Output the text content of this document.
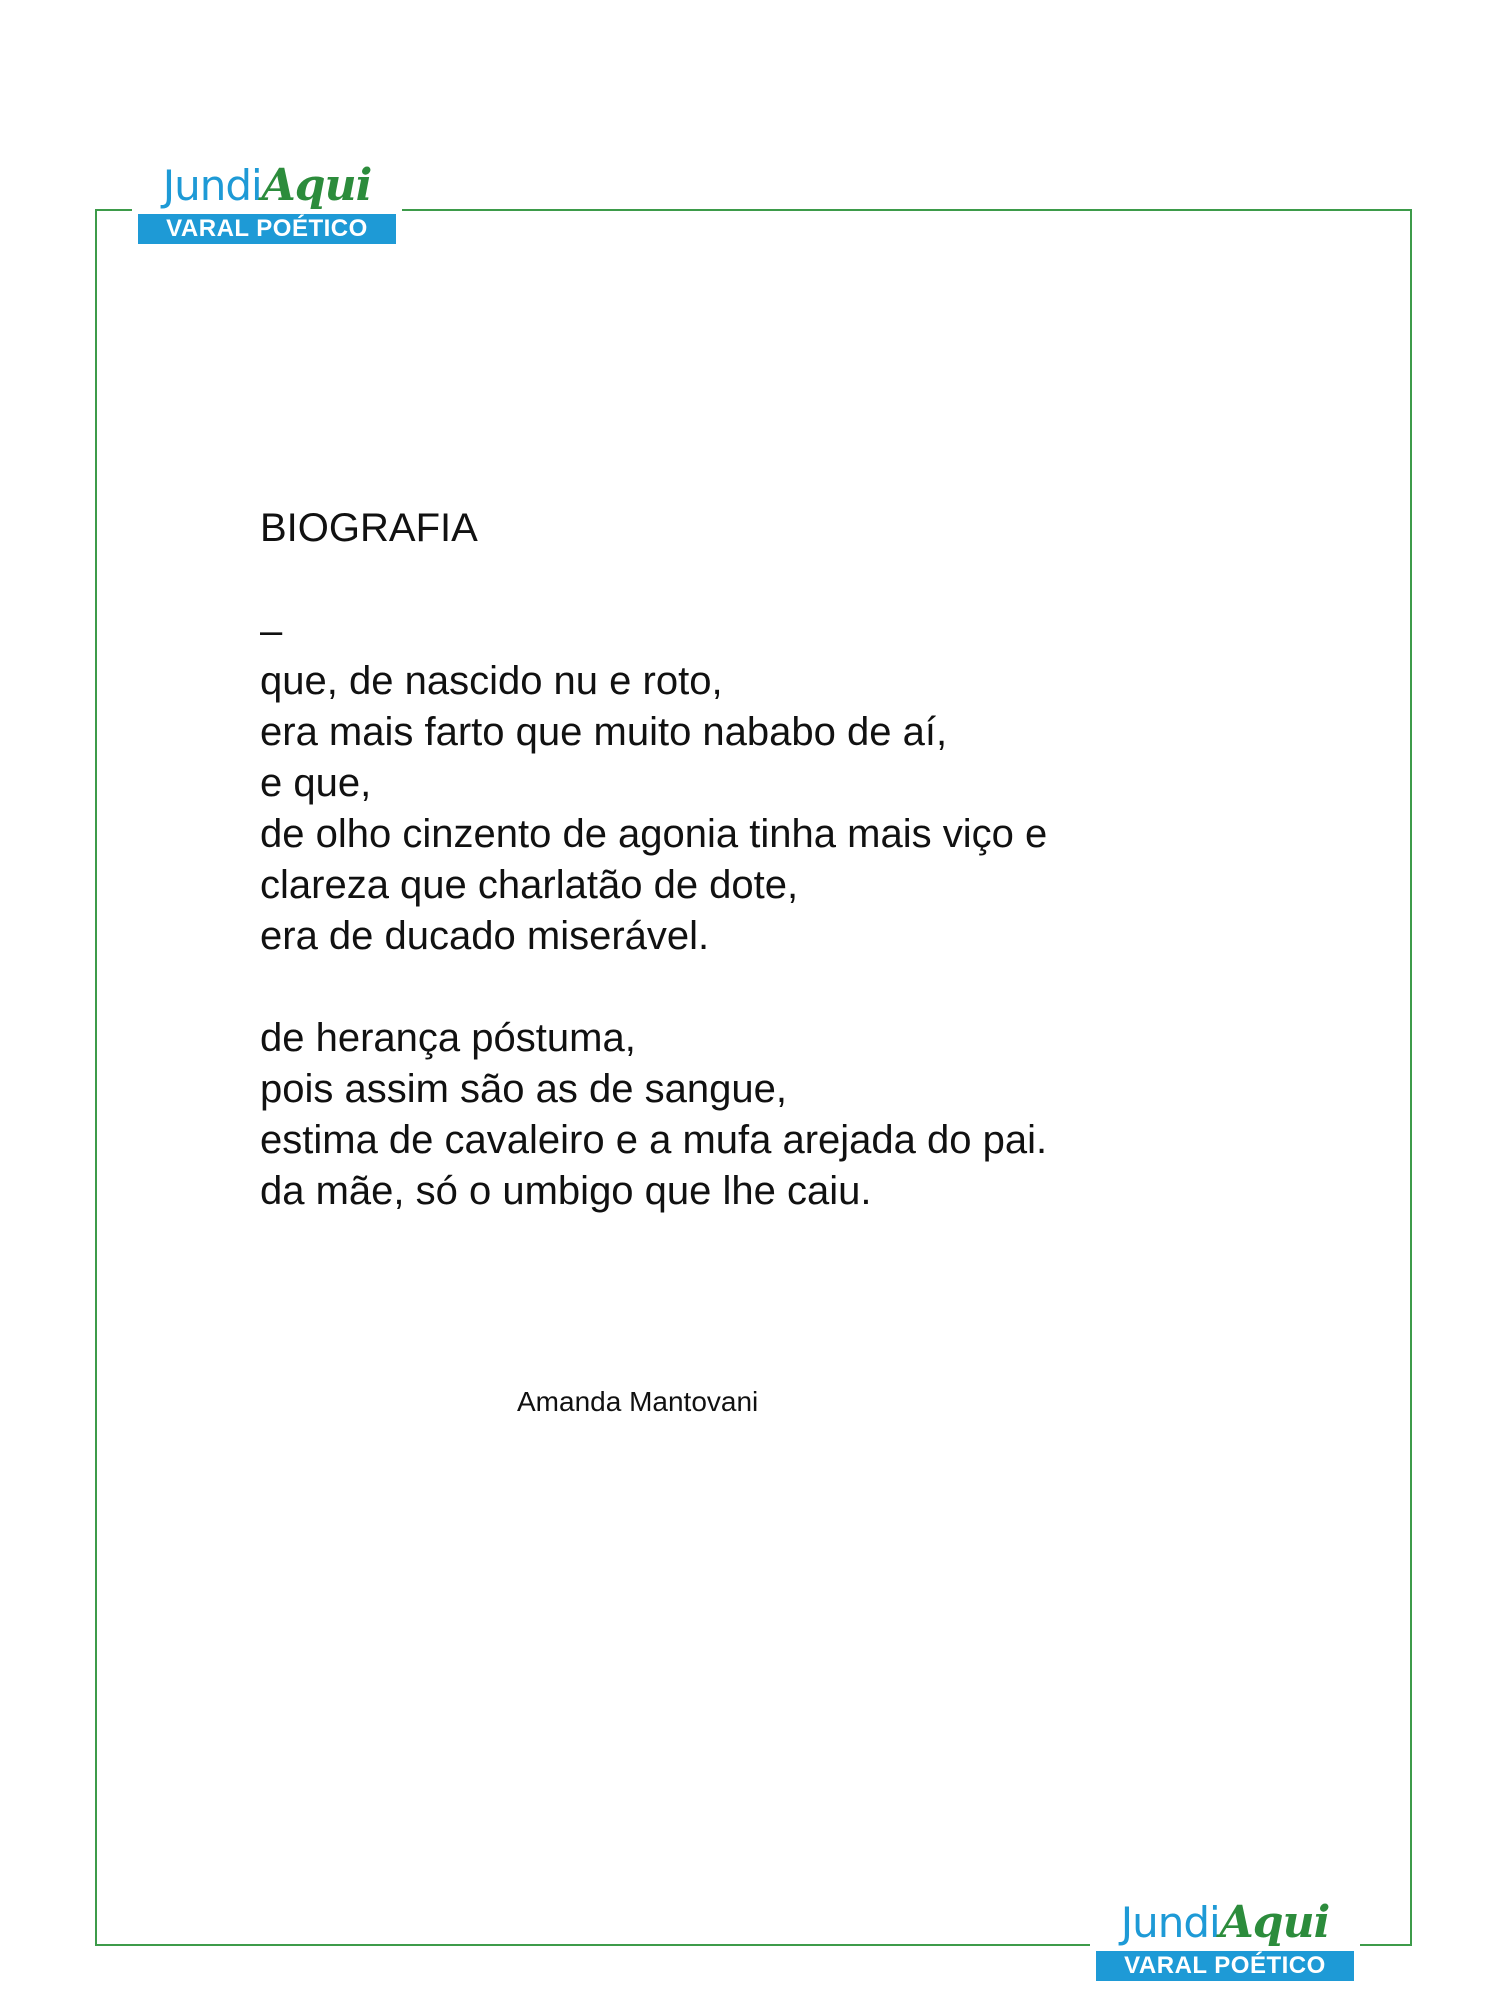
JundiAqui
VARAL POÉTICO
BIOGRAFIA
–
que, de nascido nu e roto,
era mais farto que muito nababo de aí,
e que,
de olho cinzento de agonia tinha mais viço e
clareza que charlatão de dote,
era de ducado miserável.
de herança póstuma,
pois assim são as de sangue,
estima de cavaleiro e a mufa arejada do pai.
da mãe, só o umbigo que lhe caiu.
Amanda Mantovani
JundiAqui
VARAL POÉTICO
